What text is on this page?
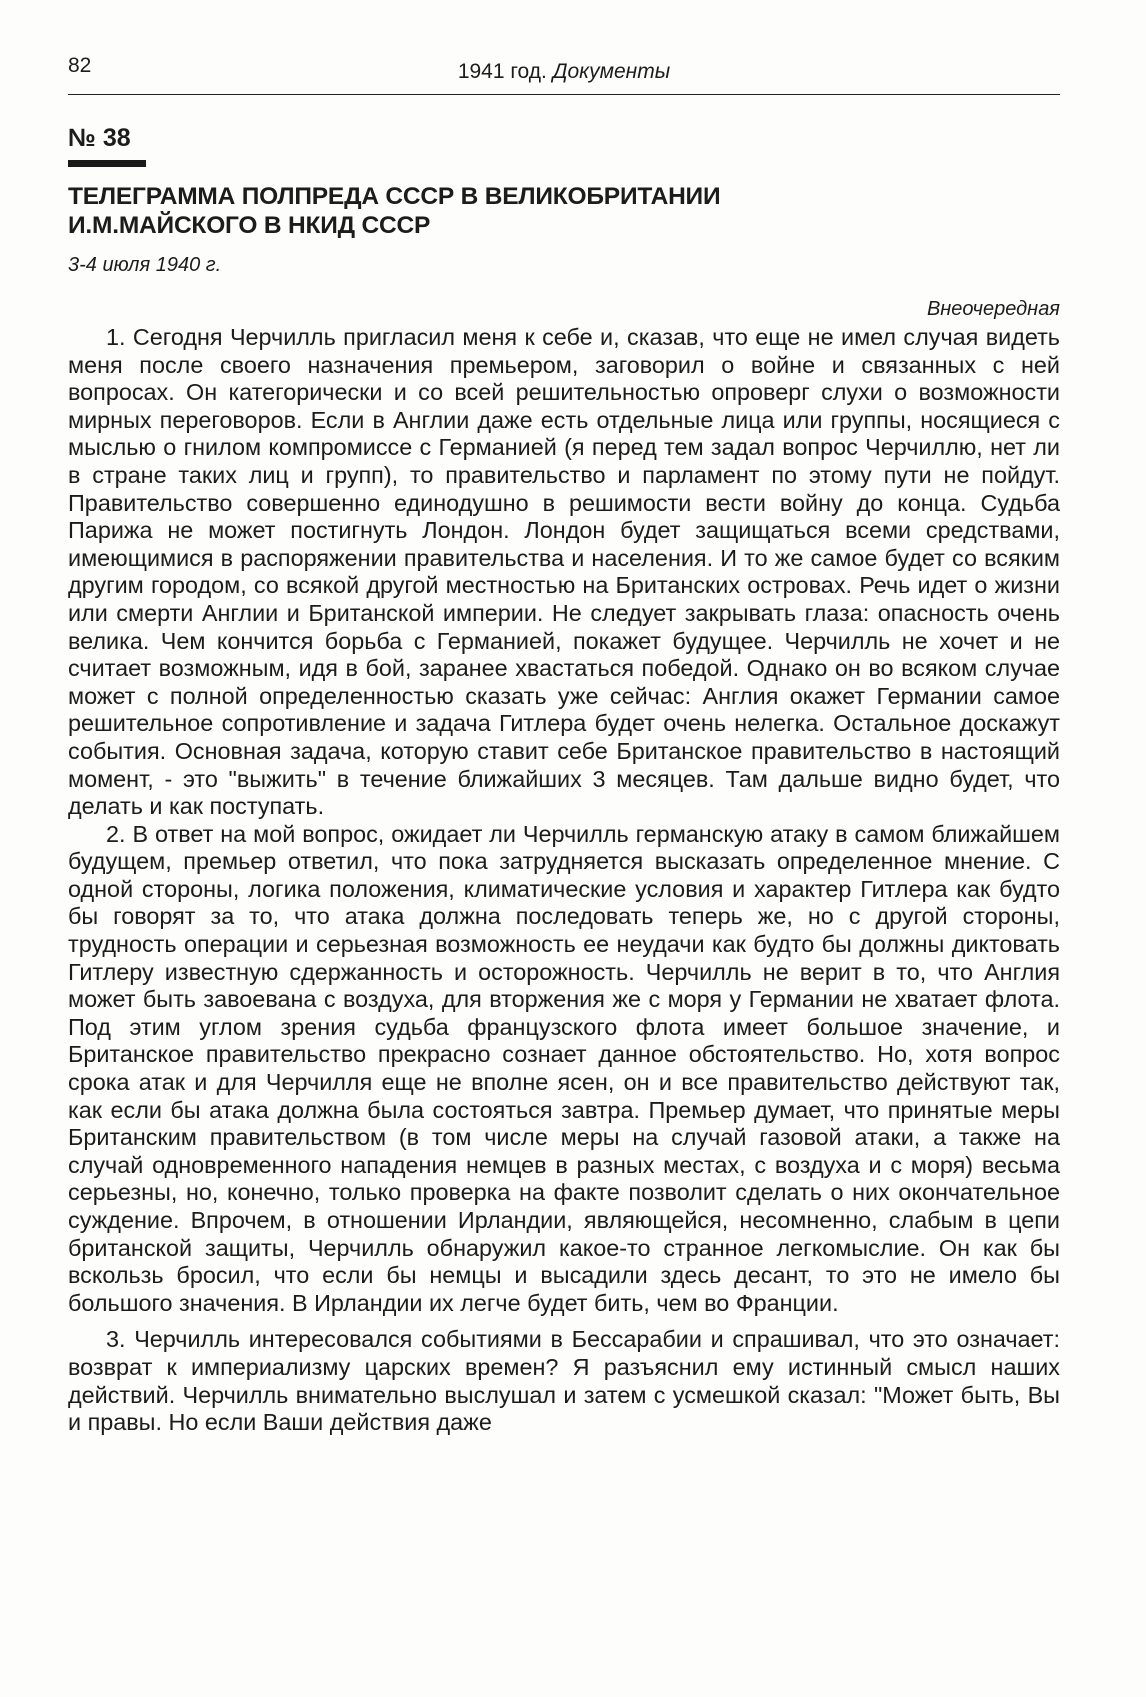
82	1941 год. Документы
№ 38
ТЕЛЕГРАММА ПОЛПРЕДА СССР В ВЕЛИКОБРИТАНИИ
И.М.МАЙСКОГО В НКИД СССР
3-4 июля 1940 г.
Внеочередная

1. Сегодня Черчилль пригласил меня к себе и, сказав, что еще не имел случая видеть меня после своего назначения премьером, заговорил о войне и связанных с ней вопросах. Он категорически и со всей решительностью опроверг слухи о возможности мирных переговоров. Если в Англии даже есть отдельные лица или группы, носящиеся с мыслью о гнилом компромиссе с Германией (я перед тем задал вопрос Черчиллю, нет ли в стране таких лиц и групп), то правительство и парламент по этому пути не пойдут. Правительство совершенно единодушно в решимости вести войну до конца. Судьба Парижа не может постигнуть Лондон. Лондон будет защищаться всеми средствами, имеющимися в распоряжении правительства и населения. И то же самое будет со всяким другим городом, со всякой другой местностью на Британских островах. Речь идет о жизни или смерти Англии и Британской империи. Не следует закрывать глаза: опасность очень велика. Чем кончится борьба с Германией, покажет будущее. Черчилль не хочет и не считает возможным, идя в бой, заранее хвастаться победой. Однако он во всяком случае может с полной определенностью сказать уже сейчас: Англия окажет Германии самое решительное сопротивление и задача Гитлера будет очень нелегка. Остальное доскажут события. Основная задача, которую ставит себе Британское правительство в настоящий момент, - это "выжить" в течение ближайших 3 месяцев. Там дальше видно будет, что делать и как поступать.

2. В ответ на мой вопрос, ожидает ли Черчилль германскую атаку в самом ближайшем будущем, премьер ответил, что пока затрудняется высказать определенное мнение. С одной стороны, логика положения, климатические условия и характер Гитлера как будто бы говорят за то, что атака должна последовать теперь же, но с другой стороны, трудность операции и серьезная возможность ее неудачи как будто бы должны диктовать Гитлеру известную сдержанность и осторожность. Черчилль не верит в то, что Англия может быть завоевана с воздуха, для вторжения же с моря у Германии не хватает флота. Под этим углом зрения судьба французского флота имеет большое значение, и Британское правительство прекрасно сознает данное обстоятельство. Но, хотя вопрос срока атак и для Черчилля еще не вполне ясен, он и все правительство действуют так, как если бы атака должна была состояться завтра. Премьер думает, что принятые меры Британским правительством (в том числе меры на случай газовой атаки, а также на случай одновременного нападения немцев в разных местах, с воздуха и с моря) весьма серьезны, но, конечно, только проверка на факте позволит сделать о них окончательное суждение. Впрочем, в отношении Ирландии, являющейся, несомненно, слабым в цепи британской защиты, Черчилль обнаружил какое-то странное легкомыслие. Он как бы вскользь бросил, что если бы немцы и высадили здесь десант, то это не имело бы большого значения. В Ирландии их легче будет бить, чем во Франции.

3. Черчилль интересовался событиями в Бессарабии и спрашивал, что это означает: возврат к империализму царских времен? Я разъяснил ему истинный смысл наших действий. Черчилль внимательно выслушал и затем с усмешкой сказал: "Может быть, Вы и правы. Но если Ваши действия даже
